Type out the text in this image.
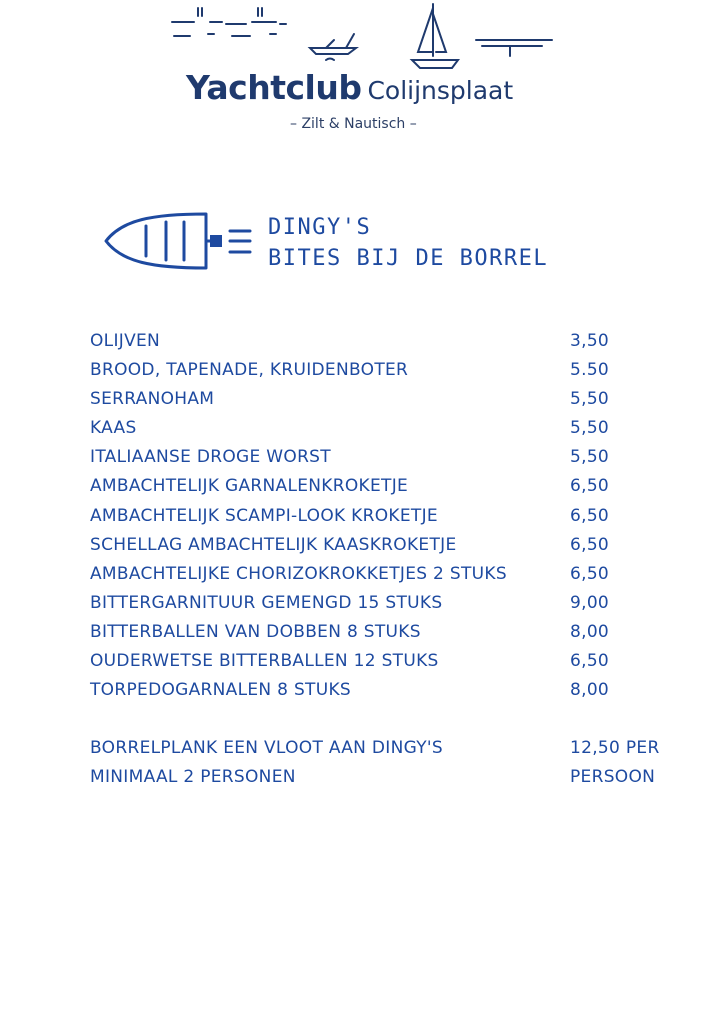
Yachtclub Colijnsplaat
– Zilt & Nautisch –
DINGY'S
BITES BIJ DE BORREL
OLIJVEN	3,50
BROOD, TAPENADE, KRUIDENBOTER	5.50
SERRANOHAM	5,50
KAAS	5,50
ITALIAANSE DROGE WORST	5,50
AMBACHTELIJK GARNALENKROKETJE	6,50
AMBACHTELIJK SCAMPI-LOOK KROKETJE	6,50
SCHELLAG AMBACHTELIJK KAASKROKETJE	6,50
AMBACHTELIJKE CHORIZOKROKKETJES 2 STUKS	6,50
BITTERGARNITUUR GEMENGD 15 STUKS	9,00
BITTERBALLEN VAN DOBBEN 8 STUKS	8,00
OUDERWETSE BITTERBALLEN 12 STUKS	6,50
TORPEDOGARNALEN 8 STUKS	8,00
BORRELPLANK EEN VLOOT AAN DINGY'S	12,50 PER
MINIMAAL 2 PERSONEN	PERSOON
